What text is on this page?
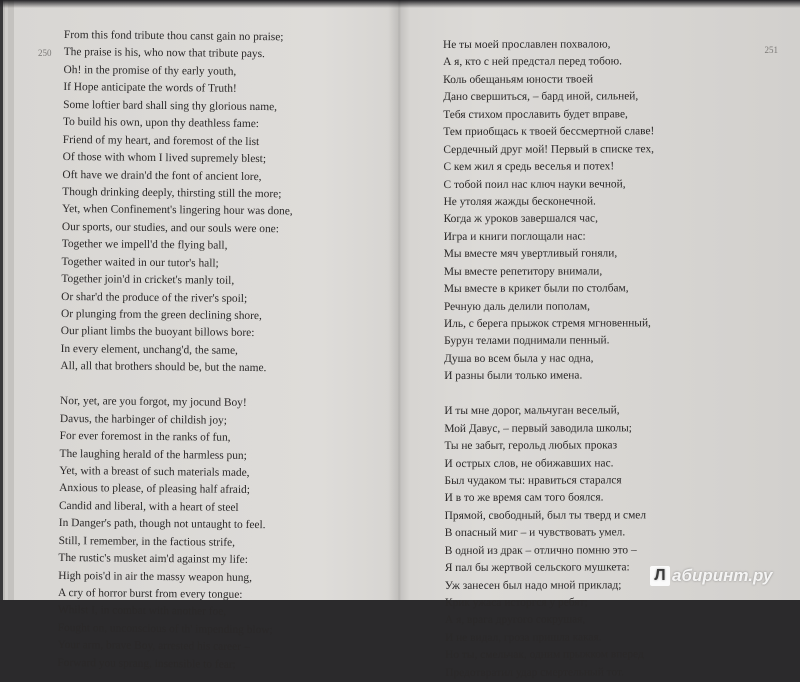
250	251
From this fond tribute thou canst gain no praise;
The praise is his, who now that tribute pays.
Oh! in the promise of thy early youth,
If Hope anticipate the words of Truth!
Some loftier bard shall sing thy glorious name,
To build his own, upon thy deathless fame:
Friend of my heart, and foremost of the list
Of those with whom I lived supremely blest;
Oft have we drain'd the font of ancient lore,
Though drinking deeply, thirsting still the more;
Yet, when Confinement's lingering hour was done,
Our sports, our studies, and our souls were one:
Together we impell'd the flying ball,
Together waited in our tutor's hall;
Together join'd in cricket's manly toil,
Or shar'd the produce of the river's spoil;
Or plunging from the green declining shore,
Our pliant limbs the buoyant billows bore:
In every element, unchang'd, the same,
All, all that brothers should be, but the name.
Nor, yet, are you forgot, my jocund Boy!
Davus, the harbinger of childish joy;
For ever foremost in the ranks of fun,
The laughing herald of the harmless pun;
Yet, with a breast of such materials made,
Anxious to please, of pleasing half afraid;
Candid and liberal, with a heart of steel
In Danger's path, though not untaught to feel.
Still, I remember, in the factious strife,
The rustic's musket aim'd against my life:
High pois'd in air the massy weapon hung,
A cry of horror burst from every tongue:
Whilst I, in combat with another foe,
Fought on, unconscious of th' impending blow;
Your arm, brave Boy, arrested his career –
Forward you sprang, insensible to fear;
Не ты моей прославлен похвалою,
А я, кто с ней предстал перед тобою.
Коль обещаньям юности твоей
Дано свершиться, – бард иной, сильней,
Тебя стихом прославить будет вправе,
Тем приобщась к твоей бессмертной славе!
Сердечный друг мой! Первый в списке тех,
С кем жил я средь веселья и потех!
С тобой поил нас ключ науки вечной,
Не утоляя жажды бесконечной.
Когда ж уроков завершался час,
Игра и книги поглощали нас:
Мы вместе мяч увертливый гоняли,
Мы вместе репетитору внимали,
Мы вместе в крикет были по столбам,
Речную даль делили пополам,
Иль, с берега прыжок стремя мгновенный,
Бурун телами поднимали пенный.
Душа во всем была у нас одна,
И разны были только имена.
И ты мне дорог, мальчуган веселый,
Мой Давус, – первый заводила школы;
Ты не забыт, герольд любых проказ
И острых слов, не обижавших нас.
Был чудаком ты: нравиться старался
И в то же время сам того боялся.
Прямой, свободный, был ты тверд и смел
В опасный миг – и чувствовать умел.
В одной из драк – отлично помню это –
Я пал бы жертвой сельского мушкета:
Уж занесен был надо мной приклад;
Крик ужаса исторгся у ребят;
А я, врага другого сокрушая,
И не видал, гроза пришла какая.
Но ты, смельчак, одним прыжком вперед
Предотвратил удар смертельный тот.
Л абиринт.ру
